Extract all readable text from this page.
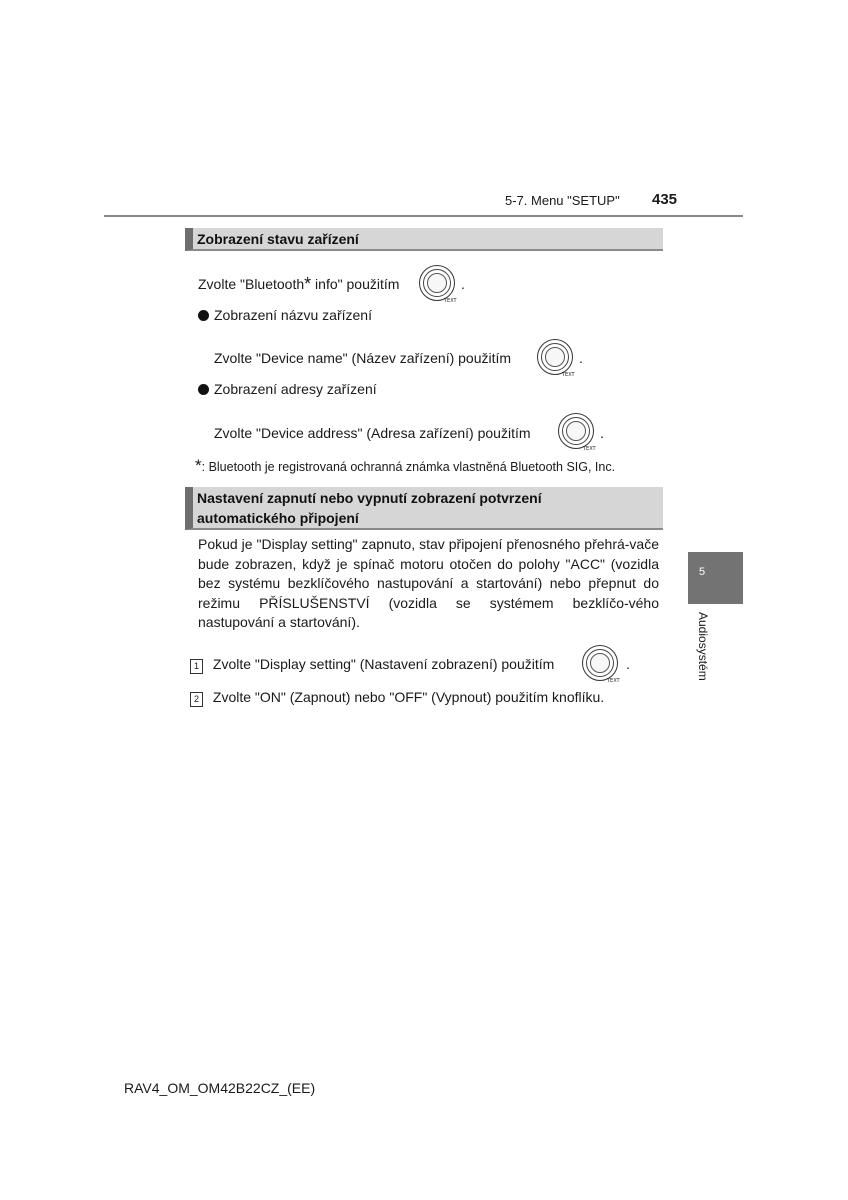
5-7. Menu "SETUP" 435
Zobrazení stavu zařízení
Zvolte "Bluetooth* info" použitím
TEXT
.
Zobrazení názvu zařízení
Zvolte "Device name" (Název zařízení) použitím
TEXT
.
Zobrazení adresy zařízení
Zvolte "Device address" (Adresa zařízení) použitím
TEXT
.
*: Bluetooth je registrovaná ochranná známka vlastněná Bluetooth SIG, Inc.
Nastavení zapnutí nebo vypnutí zobrazení potvrzení
automatického připojení
Pokud je "Display setting" zapnuto, stav připojení přenosného přehrá-vače bude zobrazen, když je spínač motoru otočen do polohy "ACC" (vozidla bez systému bezklíčového nastupování a startování) nebo přepnut do režimu PŘÍSLUŠENSTVÍ (vozidla se systémem bezklíčo-vého nastupování a startování).
1 Zvolte "Display setting" (Nastavení zobrazení) použitím
TEXT
.
2 Zvolte "ON" (Zapnout) nebo "OFF" (Vypnout) použitím knoflíku.
5
Audiosystém
RAV4_OM_OM42B22CZ_(EE)
